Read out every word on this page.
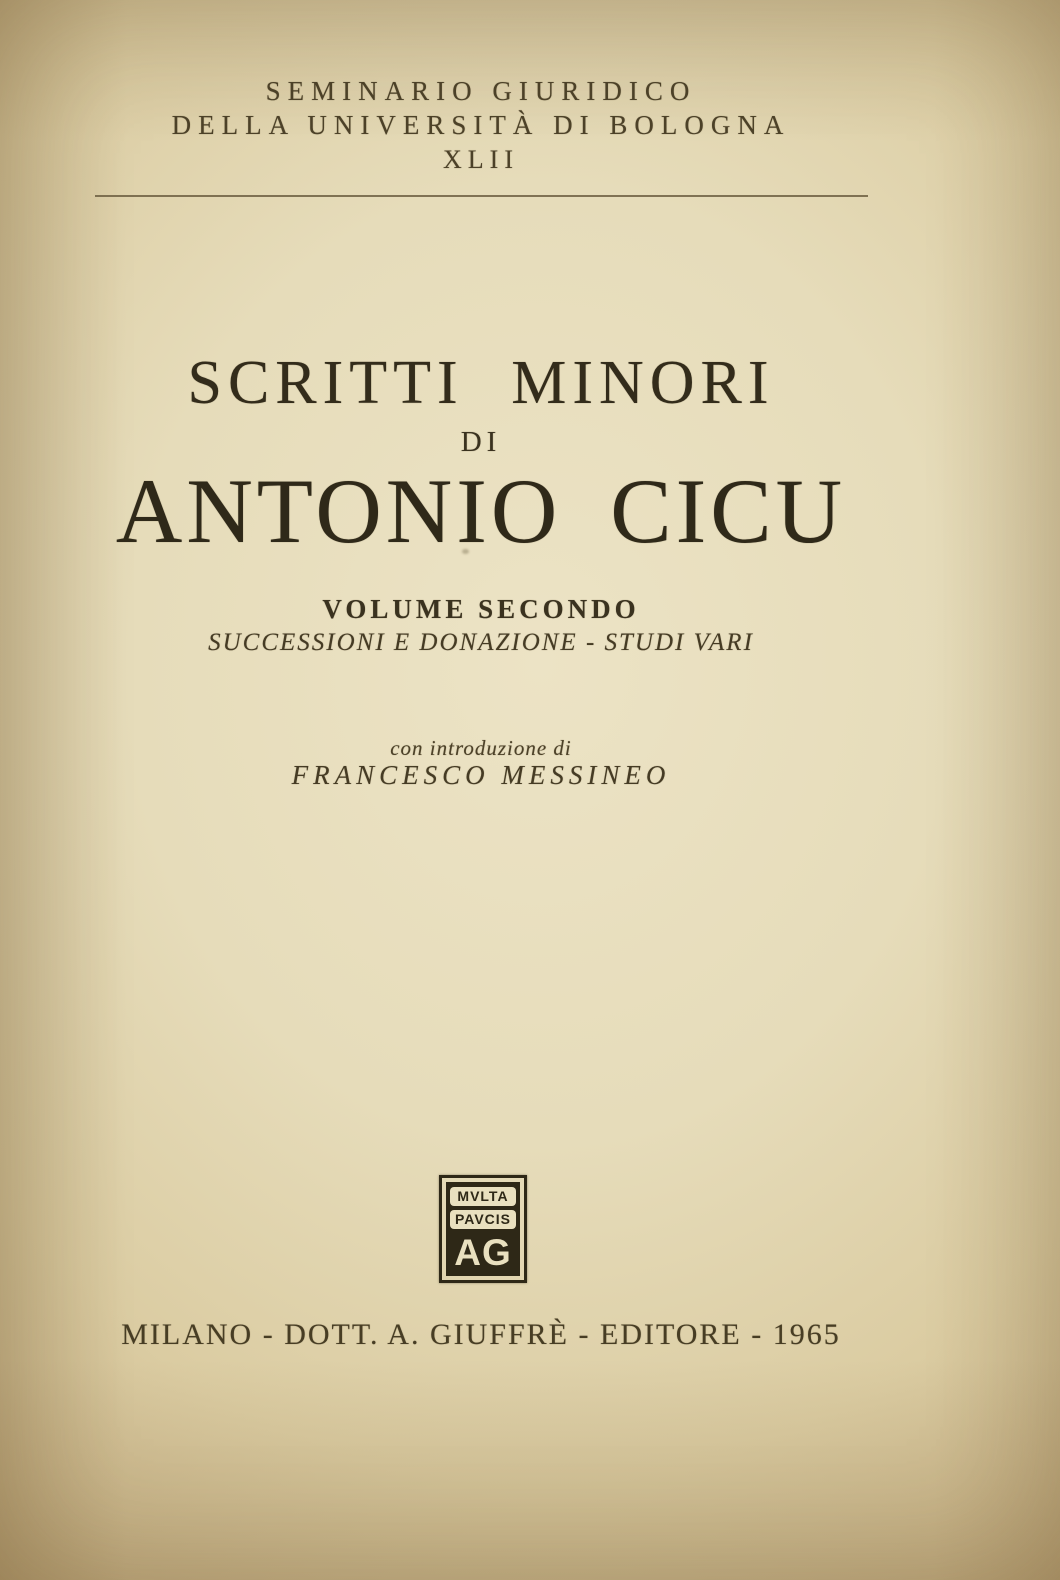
SEMINARIO GIURIDICO
DELLA UNIVERSITÀ DI BOLOGNA
XLII
SCRITTI MINORI
DI
ANTONIO CICU
VOLUME SECONDO
SUCCESSIONI E DONAZIONE - STUDI VARI
con introduzione di
FRANCESCO MESSINEO
MVLTA
PAVCIS
AG
MILANO - DOTT. A. GIUFFRÈ - EDITORE - 1965
